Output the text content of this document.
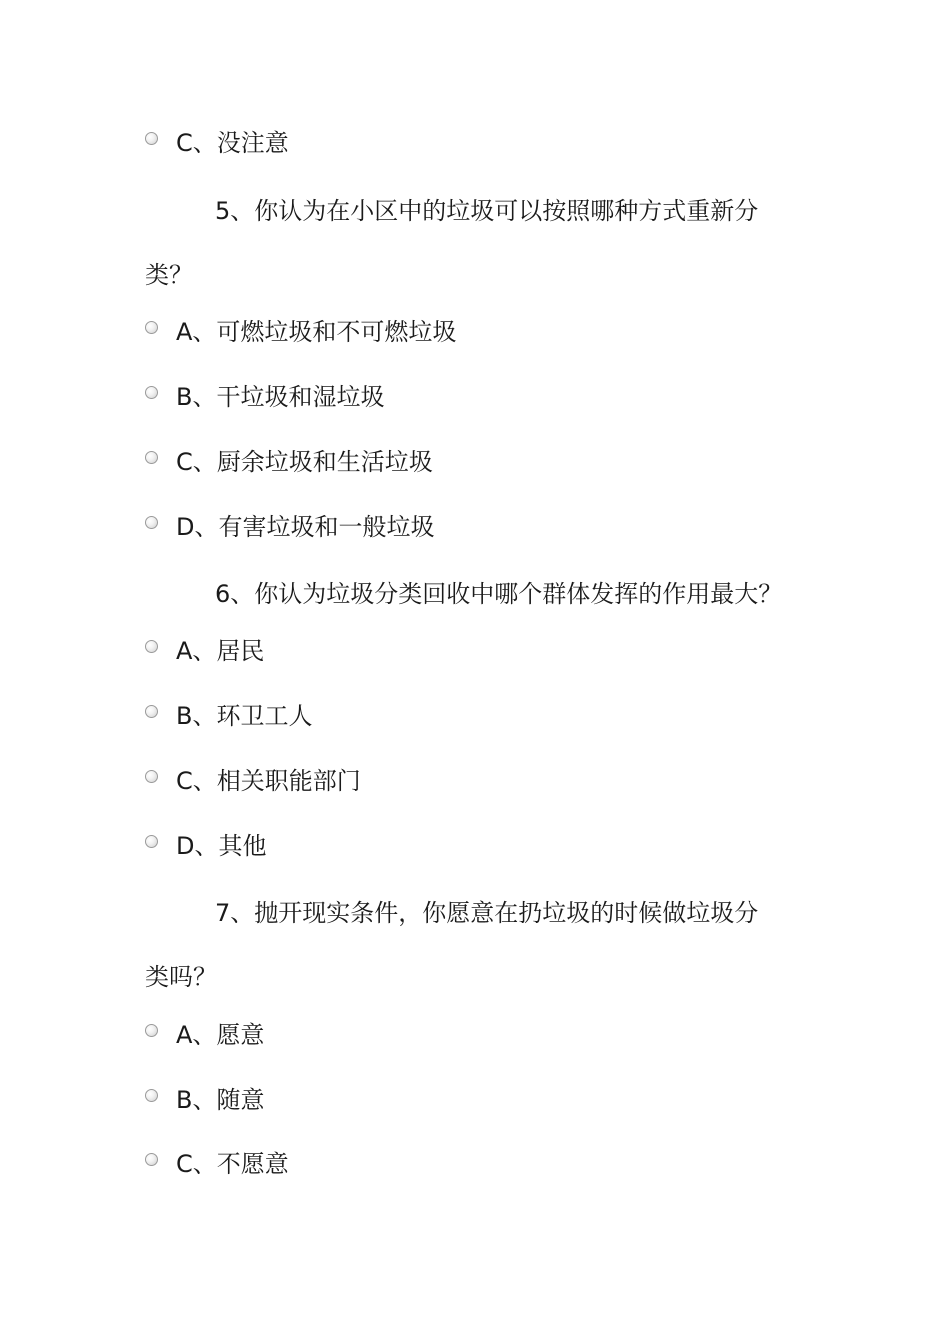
C、没注意
5、你认为在小区中的垃圾可以按照哪种方式重新分
类？
A、可燃垃圾和不可燃垃圾
B、干垃圾和湿垃圾
C、厨余垃圾和生活垃圾
D、有害垃圾和一般垃圾
6、你认为垃圾分类回收中哪个群体发挥的作用最大？
A、居民
B、环卫工人
C、相关职能部门
D、其他
7、抛开现实条件，你愿意在扔垃圾的时候做垃圾分
类吗？
A、愿意
B、随意
C、不愿意
